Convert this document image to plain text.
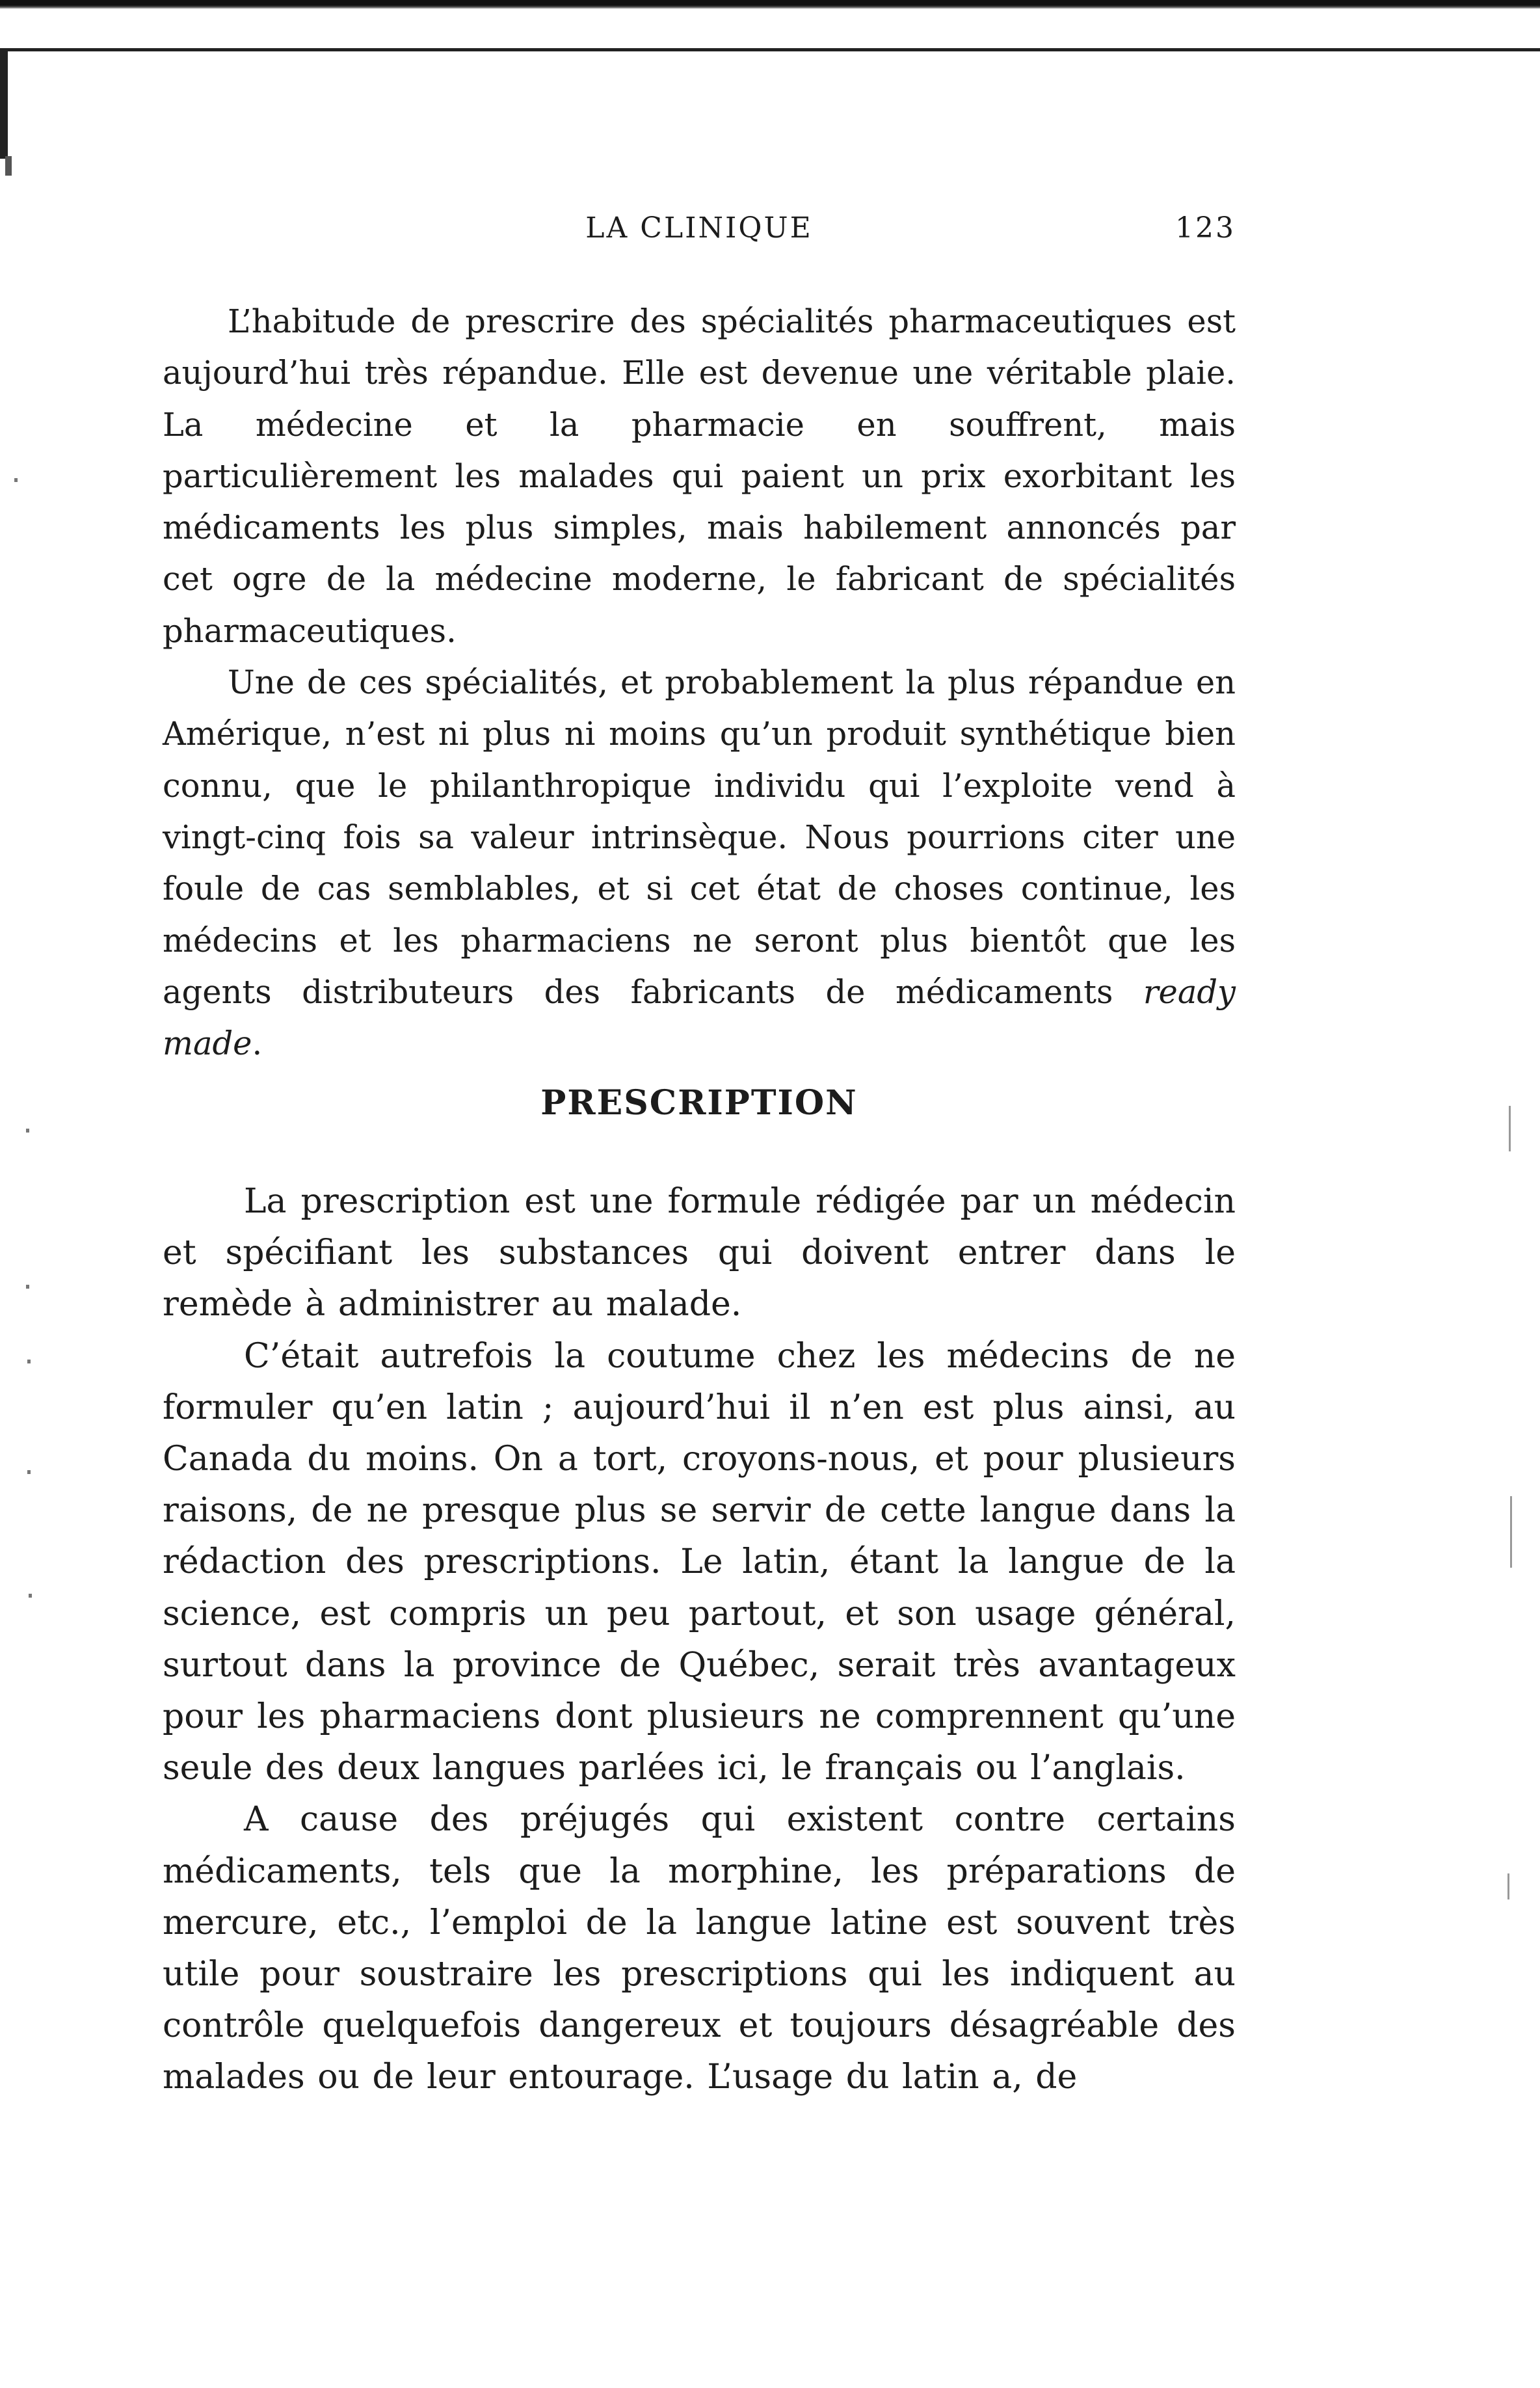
LA CLINIQUE	123

L’habitude de prescrire des spécialités pharmaceutiques est aujourd’hui très répandue. Elle est devenue une véritable plaie. La médecine et la pharmacie en souffrent, mais particulièrement les malades qui paient un prix exorbitant les médicaments les plus simples, mais habilement annoncés par cet ogre de la médecine moderne, le fabricant de spécialités pharmaceutiques.

Une de ces spécialités, et probablement la plus répandue en Amérique, n’est ni plus ni moins qu’un produit synthétique bien connu, que le philanthropique individu qui l’exploite vend à vingt-cinq fois sa valeur intrinsèque. Nous pourrions citer une foule de cas semblables, et si cet état de choses continue, les médecins et les pharmaciens ne seront plus bientôt que les agents distributeurs des fabricants de médicaments ready made.

PRESCRIPTION

La prescription est une formule rédigée par un médecin et spécifiant les substances qui doivent entrer dans le remède à administrer au malade.

C’était autrefois la coutume chez les médecins de ne formuler qu’en latin ; aujourd’hui il n’en est plus ainsi, au Canada du moins. On a tort, croyons-nous, et pour plusieurs raisons, de ne presque plus se servir de cette langue dans la rédaction des prescriptions. Le latin, étant la langue de la science, est compris un peu partout, et son usage général, surtout dans la province de Québec, serait très avantageux pour les pharmaciens dont plusieurs ne comprennent qu’une seule des deux langues parlées ici, le français ou l’anglais.

A cause des préjugés qui existent contre certains médicaments, tels que la morphine, les préparations de mercure, etc., l’emploi de la langue latine est souvent très utile pour soustraire les prescriptions qui les indiquent au contrôle quelquefois dangereux et toujours désagréable des malades ou de leur entourage. L’usage du latin a, de
